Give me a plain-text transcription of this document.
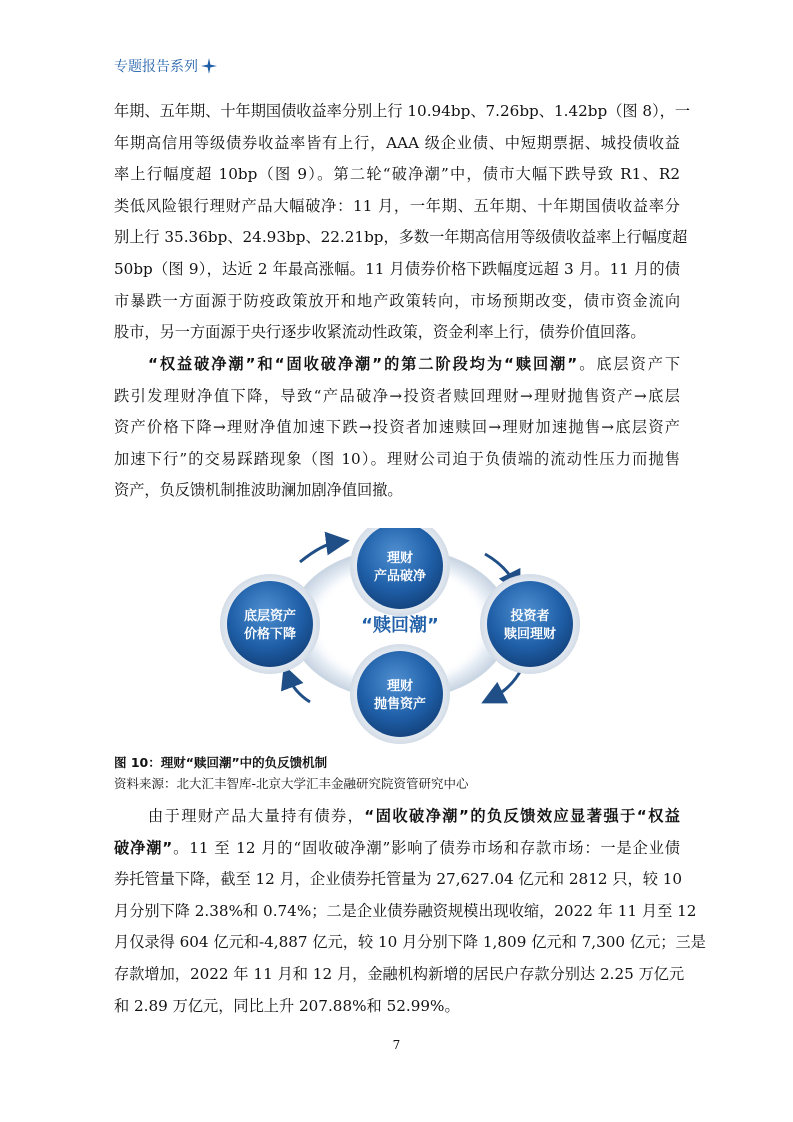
专题报告系列
年期、五年期、十年期国债收益率分别上行 10.94bp、7.26bp、1.42bp（图 8），一
年期高信用等级债券收益率皆有上行，AAA 级企业债、中短期票据、城投债收益
率上行幅度超 10bp（图 9）。第二轮“破净潮”中，债市大幅下跌导致 R1、R2
类低风险银行理财产品大幅破净：11 月，一年期、五年期、十年期国债收益率分
别上行 35.36bp、24.93bp、22.21bp，多数一年期高信用等级债收益率上行幅度超
50bp（图 9），达近 2 年最高涨幅。11 月债券价格下跌幅度远超 3 月。11 月的债
市暴跌一方面源于防疫政策放开和地产政策转向，市场预期改变，债市资金流向
股市，另一方面源于央行逐步收紧流动性政策，资金利率上行，债券价值回落。
“权益破净潮”和“固收破净潮”的第二阶段均为“赎回潮”。底层资产下
跌引发理财净值下降，导致“产品破净→投资者赎回理财→理财抛售资产→底层
资产价格下降→理财净值加速下跌→投资者加速赎回→理财加速抛售→底层资产
加速下行”的交易踩踏现象（图 10）。理财公司迫于负债端的流动性压力而抛售
资产，负反馈机制推波助澜加剧净值回撤。
理财
产品破净
投资者
赎回理财
理财
抛售资产
底层资产
价格下降	“赎回潮”
图 10：理财“赎回潮”中的负反馈机制
资料来源：北大汇丰智库-北京大学汇丰金融研究院资管研究中心
由于理财产品大量持有债券，“固收破净潮”的负反馈效应显著强于“权益
破净潮”。11 至 12 月的“固收破净潮”影响了债券市场和存款市场：一是企业债
券托管量下降，截至 12 月，企业债券托管量为 27,627.04 亿元和 2812 只，较 10
月分别下降 2.38%和 0.74%；二是企业债券融资规模出现收缩，2022 年 11 月至 12
月仅录得 604 亿元和-4,887 亿元，较 10 月分别下降 1,809 亿元和 7,300 亿元；三是
存款增加，2022 年 11 月和 12 月，金融机构新增的居民户存款分别达 2.25 万亿元
和 2.89 万亿元，同比上升 207.88%和 52.99%。
7
